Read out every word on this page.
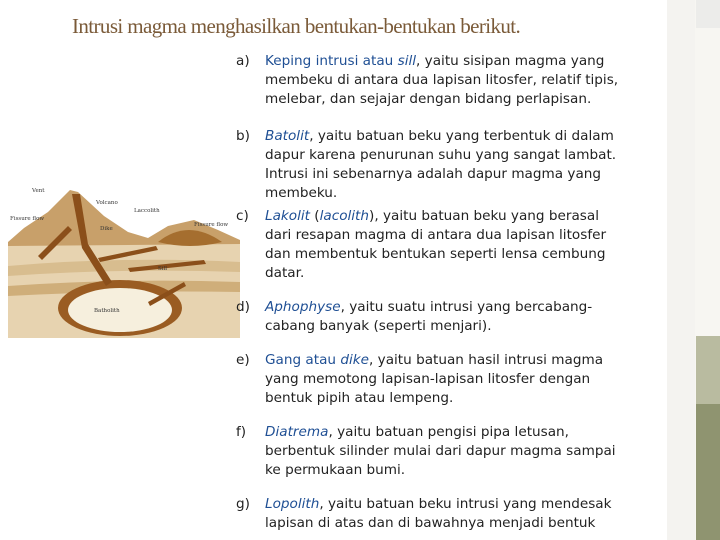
Intrusi magma menghasilkan bentukan-bentukan berikut.
Vent
Volcano
Laccolith
Fissure flow
Fissure flow
Dike
Sill
Batholith
a) Keping intrusi atau sill, yaitu sisipan magma yang membeku di antara dua lapisan litosfer, relatif tipis, melebar, dan sejajar dengan bidang perlapisan.
b) Batolit, yaitu batuan beku yang terbentuk di dalam dapur karena penurunan suhu yang sangat lambat. Intrusi ini sebenarnya adalah dapur magma yang membeku.
c) Lakolit (lacolith), yaitu batuan beku yang berasal dari resapan magma di antara dua lapisan litosfer dan membentuk bentukan seperti lensa cembung datar.
d) Aphophyse, yaitu suatu intrusi yang bercabang-cabang banyak (seperti menjari).
e) Gang atau dike, yaitu batuan hasil intrusi magma yang memotong lapisan-lapisan litosfer dengan bentuk pipih atau lempeng.
f) Diatrema, yaitu batuan pengisi pipa letusan, berbentuk silinder mulai dari dapur magma sampai ke permukaan bumi.
g) Lopolith, yaitu batuan beku intrusi yang mendesak lapisan di atas dan di bawahnya menjadi bentuk
